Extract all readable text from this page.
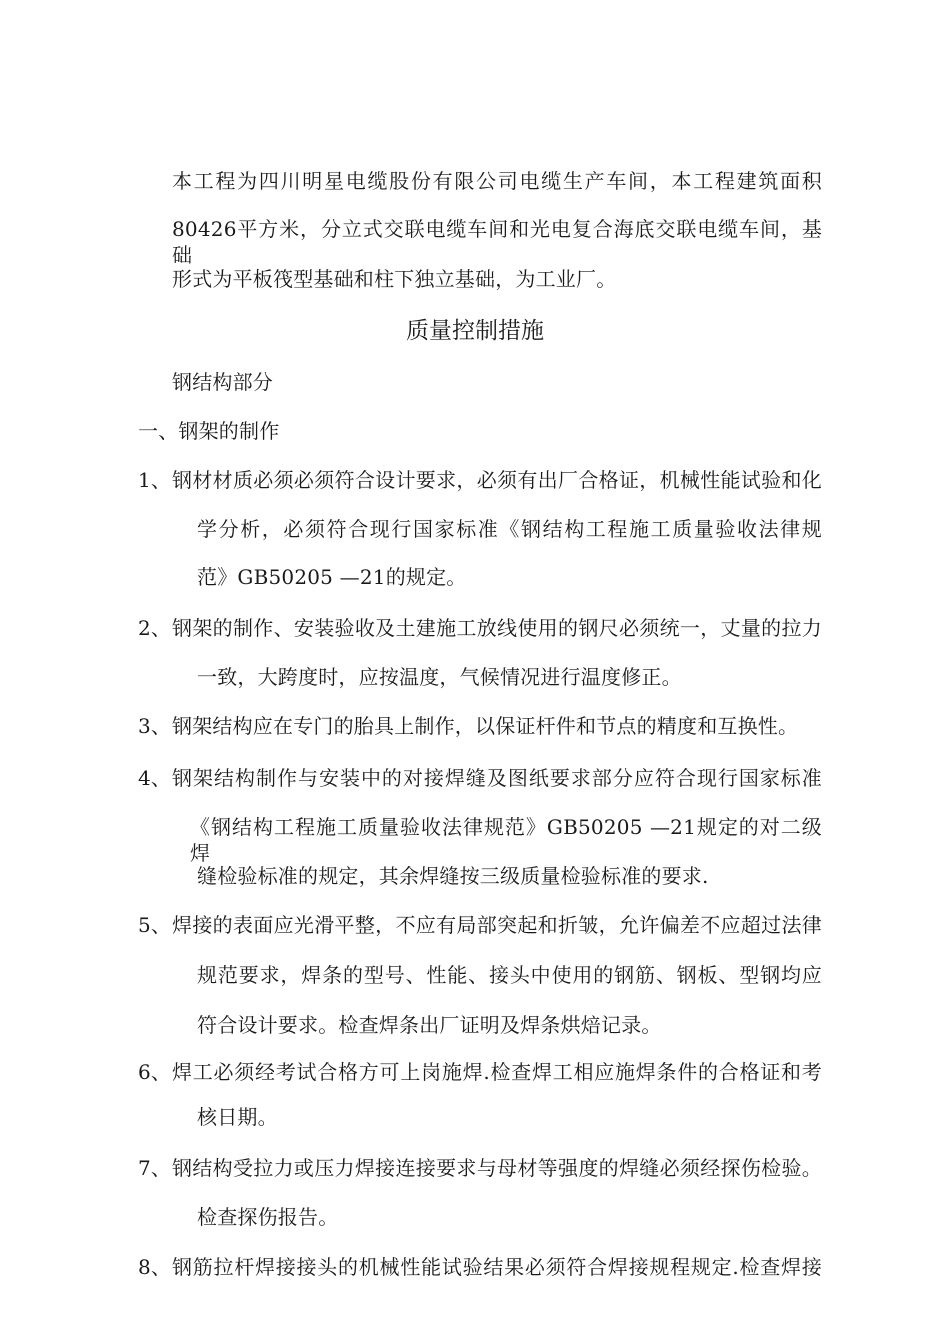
本工程为四川明星电缆股份有限公司电缆生产车间，本工程建筑面积
80426平方米，分立式交联电缆车间和光电复合海底交联电缆车间，基础
形式为平板筏型基础和柱下独立基础，为工业厂。
质量控制措施
钢结构部分
一、钢架的制作
1、 钢材材质必须必须符合设计要求，必须有出厂合格证，机械性能试验和化
学分析，必须符合现行国家标准《钢结构工程施工质量验收法律规
范》GB50205 —21的规定。
2、 钢架的制作、安装验收及土建施工放线使用的钢尺必须统一，丈量的拉力
一致，大跨度时，应按温度，气候情况进行温度修正。
3、 钢架结构应在专门的胎具上制作，以保证杆件和节点的精度和互换性。
4、 钢架结构制作与安装中的对接焊缝及图纸要求部分应符合现行国家标准
《钢结构工程施工质量验收法律规范》GB50205 —21规定的对二级焊
缝检验标准的规定，其余焊缝按三级质量检验标准的要求.
5、 焊接的表面应光滑平整，不应有局部突起和折皱，允许偏差不应超过法律
规范要求，焊条的型号、性能、接头中使用的钢筋、钢板、型钢均应
符合设计要求。检查焊条出厂证明及焊条烘焙记录。
6、 焊工必须经考试合格方可上岗施焊.检查焊工相应施焊条件的合格证和考
核日期。
7、 钢结构受拉力或压力焊接连接要求与母材等强度的焊缝必须经探伤检验。
检查探伤报告。
8、 钢筋拉杆焊接接头的机械性能试验结果必须符合焊接规程规定.检查焊接
